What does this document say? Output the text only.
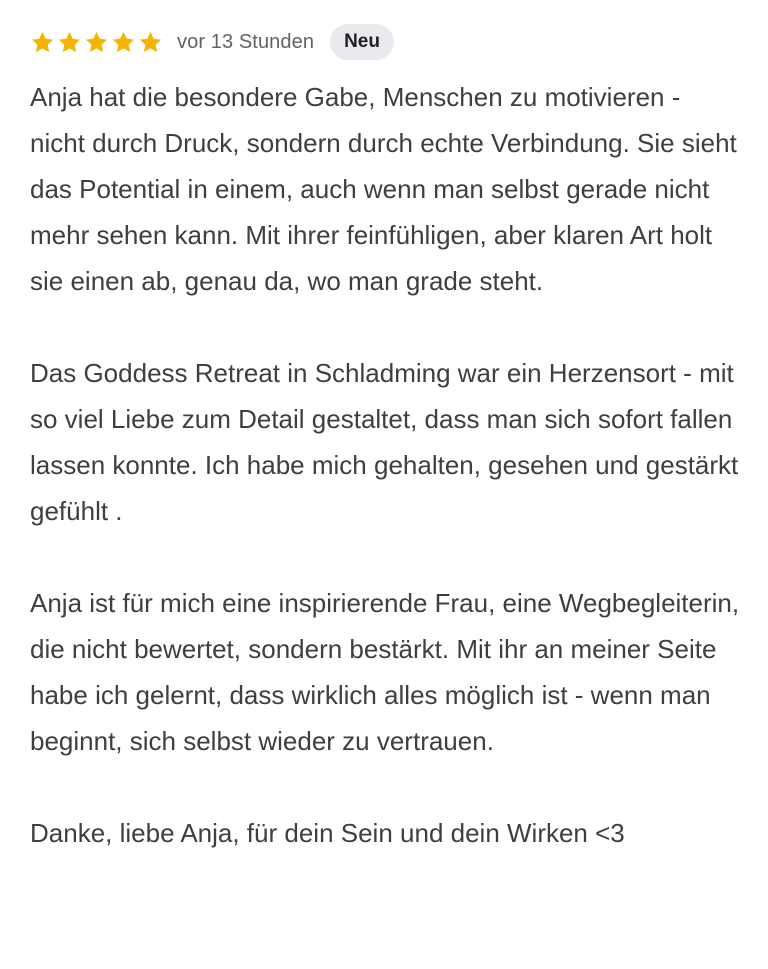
vor 13 Stunden	Neu

Anja hat die besondere Gabe, Menschen zu motivieren - nicht durch Druck, sondern durch echte Verbindung. Sie sieht das Potential in einem, auch wenn man selbst gerade nicht mehr sehen kann. Mit ihrer feinfühligen, aber klaren Art holt sie einen ab, genau da, wo man grade steht.

Das Goddess Retreat in Schladming war ein Herzensort - mit so viel Liebe zum Detail gestaltet, dass man sich sofort fallen lassen konnte. Ich habe mich gehalten, gesehen und gestärkt gefühlt .

Anja ist für mich eine inspirierende Frau, eine Wegbegleiterin, die nicht bewertet, sondern bestärkt. Mit ihr an meiner Seite habe ich gelernt, dass wirklich alles möglich ist - wenn man beginnt, sich selbst wieder zu vertrauen.

Danke, liebe Anja, für dein Sein und dein Wirken <3
